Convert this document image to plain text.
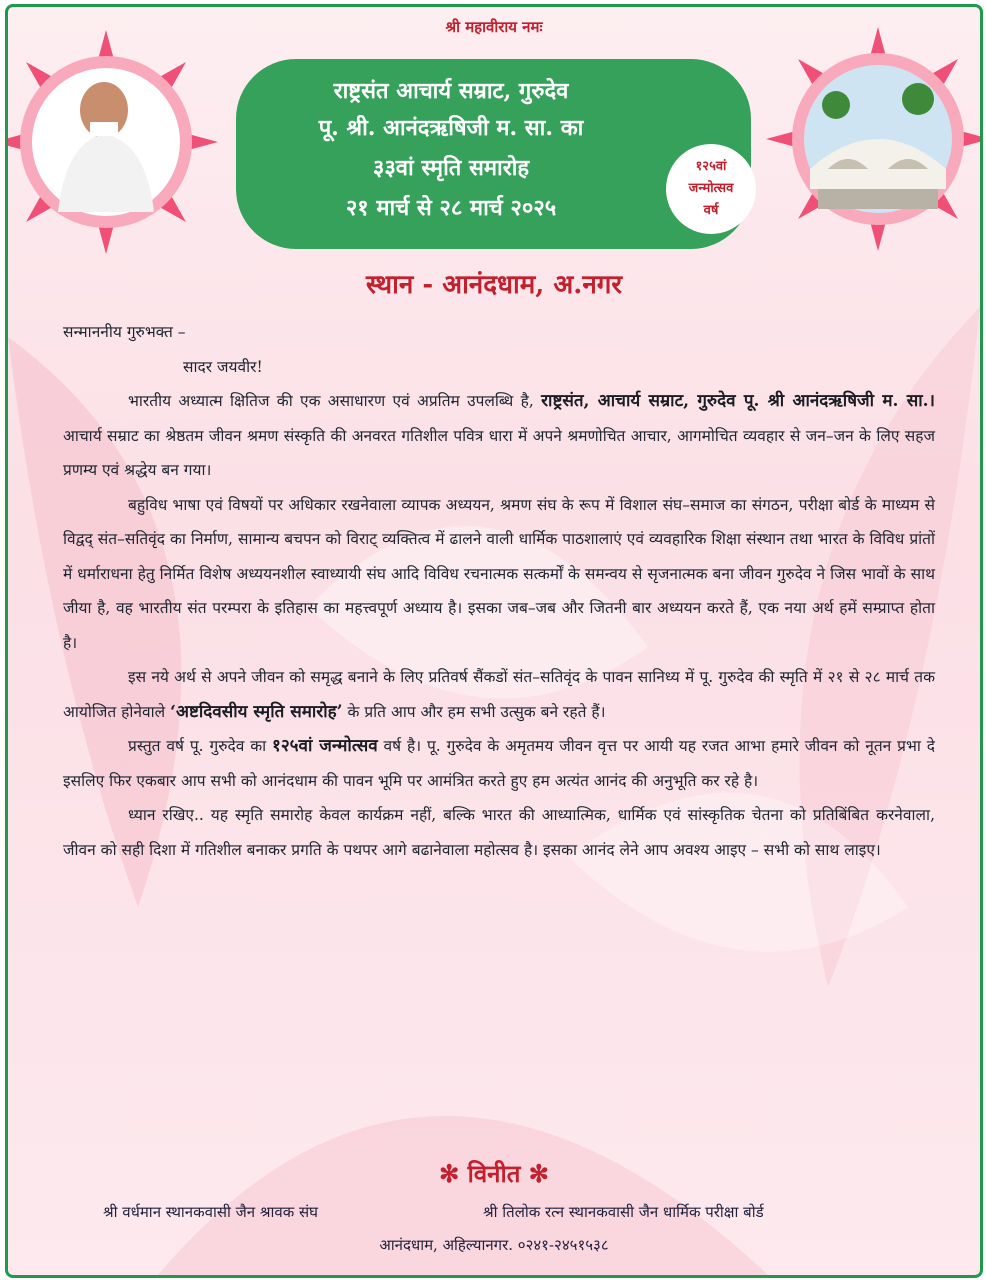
श्री महावीराय नमः
राष्ट्रसंत आचार्य सम्राट, गुरुदेव
पू. श्री. आनंदऋषिजी म. सा. का
३३वां स्मृति समारोह
२१ मार्च से २८ मार्च २०२५
१२५वां
जन्मोत्सव
वर्ष
स्थान - आनंदधाम, अ.नगर

सन्माननीय गुरुभक्त –

सादर जयवीर!

भारतीय अध्यात्म क्षितिज की एक असाधारण एवं अप्रतिम उपलब्धि है, राष्ट्रसंत, आचार्य सम्राट, गुरुदेव पू. श्री आनंदऋषिजी म. सा.। आचार्य सम्राट का श्रेष्ठतम जीवन श्रमण संस्कृति की अनवरत गतिशील पवित्र धारा में अपने श्रमणोचित आचार, आगमोचित व्यवहार से जन–जन के लिए सहज प्रणम्य एवं श्रद्धेय बन गया।

बहुविध भाषा एवं विषयों पर अधिकार रखनेवाला व्यापक अध्ययन, श्रमण संघ के रूप में विशाल संघ–समाज का संगठन, परीक्षा बोर्ड के माध्यम से विद्वद् संत–सतिवृंद का निर्माण, सामान्य बचपन को विराट् व्यक्तित्व में ढालने वाली धार्मिक पाठशालाएं एवं व्यवहारिक शिक्षा संस्थान तथा भारत के विविध प्रांतों में धर्माराधना हेतु निर्मित विशेष अध्ययनशील स्वाध्यायी संघ आदि विविध रचनात्मक सत्कर्मों के समन्वय से सृजनात्मक बना जीवन गुरुदेव ने जिस भावों के साथ जीया है, वह भारतीय संत परम्परा के इतिहास का महत्त्वपूर्ण अध्याय है। इसका जब–जब और जितनी बार अध्ययन करते हैं, एक नया अर्थ हमें सम्प्राप्त होता है।

इस नये अर्थ से अपने जीवन को समृद्ध बनाने के लिए प्रतिवर्ष सैंकडों संत–सतिवृंद के पावन सानिध्य में पू. गुरुदेव की स्मृति में २१ से २८ मार्च तक आयोजित होनेवाले ‘अष्टदिवसीय स्मृति समारोह’ के प्रति आप और हम सभी उत्सुक बने रहते हैं।

प्रस्तुत वर्ष पू. गुरुदेव का १२५वां जन्मोत्सव वर्ष है। पू. गुरुदेव के अमृतमय जीवन वृत्त पर आयी यह रजत आभा हमारे जीवन को नूतन प्रभा दे इसलिए फिर एकबार आप सभी को आनंदधाम की पावन भूमि पर आमंत्रित करते हुए हम अत्यंत आनंद की अनुभूति कर रहे है।

ध्यान रखिए.. यह स्मृति समारोह केवल कार्यक्रम नहीं, बल्कि भारत की आध्यात्मिक, धार्मिक एवं सांस्कृतिक चेतना को प्रतिबिंबित करनेवाला, जीवन को सही दिशा में गतिशील बनाकर प्रगति के पथपर आगे बढानेवाला महोत्सव है। इसका आनंद लेने आप अवश्य आइए – सभी को साथ लाइए।

✻ विनीत ✻
श्री वर्धमान स्थानकवासी जैन श्रावक संघ	श्री तिलोक रत्न स्थानकवासी जैन धार्मिक परीक्षा बोर्ड
आनंदधाम, अहिल्यानगर. ०२४१-२४५१५३८
